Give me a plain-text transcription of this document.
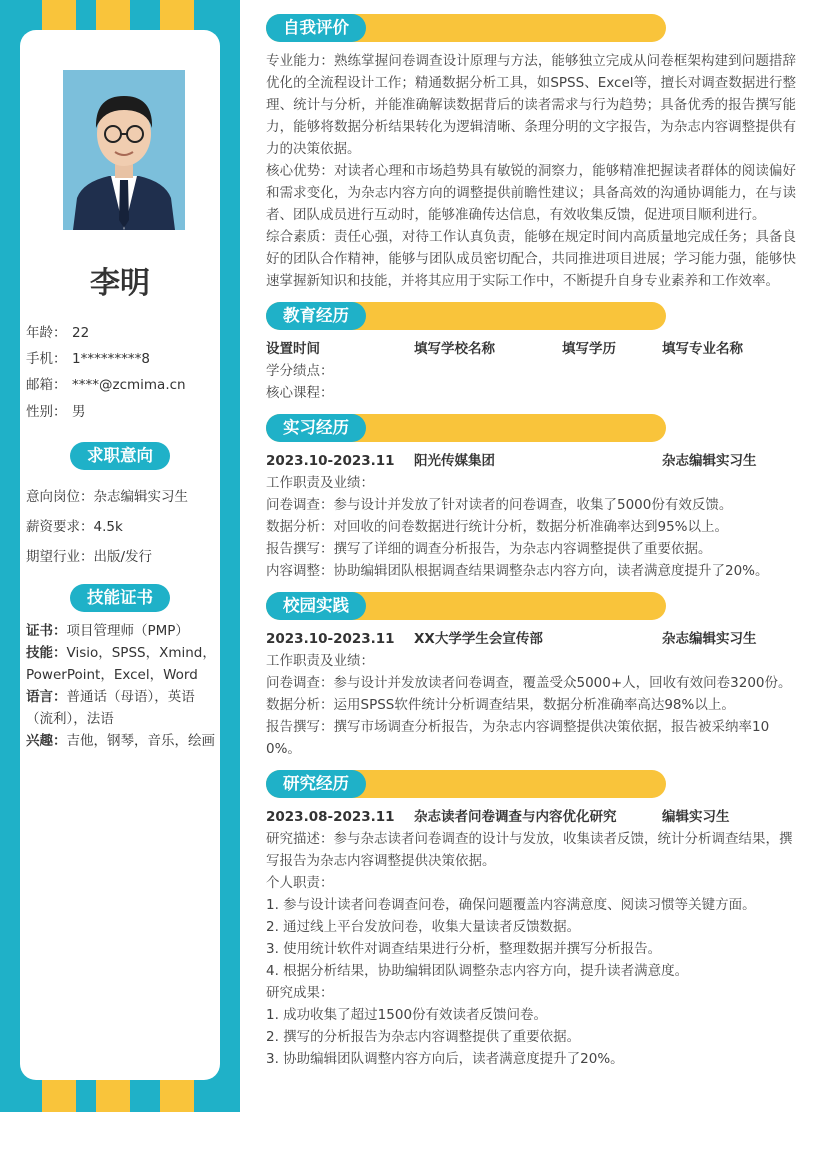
李明
年龄： 22
手机： 1*********8
邮箱： ****@zcmima.cn
性别： 男
求职意向
意向岗位：杂志编辑实习生
薪资要求：4.5k
期望行业：出版/发行
技能证书

证书：项目管理师（PMP）

技能：Visio，SPSS，Xmind，PowerPoint，Excel，Word

语言：普通话（母语），英语（流利），法语

兴趣：吉他，钢琴，音乐，绘画

自我评价
专业能力：熟练掌握问卷调查设计原理与方法，能够独立完成从问卷框架构建到问题措辞优化的全流程设计工作；精通数据分析工具，如SPSS、Excel等，擅长对调查数据进行整理、统计与分析，并能准确解读数据背后的读者需求与行为趋势；具备优秀的报告撰写能力，能够将数据分析结果转化为逻辑清晰、条理分明的文字报告，为杂志内容调整提供有力的决策依据。
核心优势：对读者心理和市场趋势具有敏锐的洞察力，能够精准把握读者群体的阅读偏好和需求变化，为杂志内容方向的调整提供前瞻性建议；具备高效的沟通协调能力，在与读者、团队成员进行互动时，能够准确传达信息，有效收集反馈，促进项目顺利进行。
综合素质：责任心强，对待工作认真负责，能够在规定时间内高质量地完成任务；具备良好的团队合作精神，能够与团队成员密切配合，共同推进项目进展；学习能力强，能够快速掌握新知识和技能，并将其应用于实际工作中，不断提升自身专业素养和工作效率。
教育经历
设置时间	填写学校名称	填写学历	填写专业名称
学分绩点：
核心课程：
实习经历
2023.10-2023.11	阳光传媒集团	杂志编辑实习生
工作职责及业绩：
问卷调查：参与设计并发放了针对读者的问卷调查，收集了5000份有效反馈。
数据分析：对回收的问卷数据进行统计分析，数据分析准确率达到95%以上。
报告撰写：撰写了详细的调查分析报告，为杂志内容调整提供了重要依据。
内容调整：协助编辑团队根据调查结果调整杂志内容方向，读者满意度提升了20%。
校园实践
2023.10-2023.11	XX大学学生会宣传部	杂志编辑实习生
工作职责及业绩：
问卷调查：参与设计并发放读者问卷调查，覆盖受众5000+人，回收有效问卷3200份。
数据分析：运用SPSS软件统计分析调查结果，数据分析准确率高达98%以上。
报告撰写：撰写市场调查分析报告，为杂志内容调整提供决策依据，报告被采纳率100%。
研究经历
2023.08-2023.11	杂志读者问卷调查与内容优化研究	编辑实习生
研究描述：参与杂志读者问卷调查的设计与发放，收集读者反馈，统计分析调查结果，撰写报告为杂志内容调整提供决策依据。
个人职责：
1. 参与设计读者问卷调查问卷，确保问题覆盖内容满意度、阅读习惯等关键方面。
2. 通过线上平台发放问卷，收集大量读者反馈数据。
3. 使用统计软件对调查结果进行分析，整理数据并撰写分析报告。
4. 根据分析结果，协助编辑团队调整杂志内容方向，提升读者满意度。
研究成果：
1. 成功收集了超过1500份有效读者反馈问卷。
2. 撰写的分析报告为杂志内容调整提供了重要依据。
3. 协助编辑团队调整内容方向后，读者满意度提升了20%。
